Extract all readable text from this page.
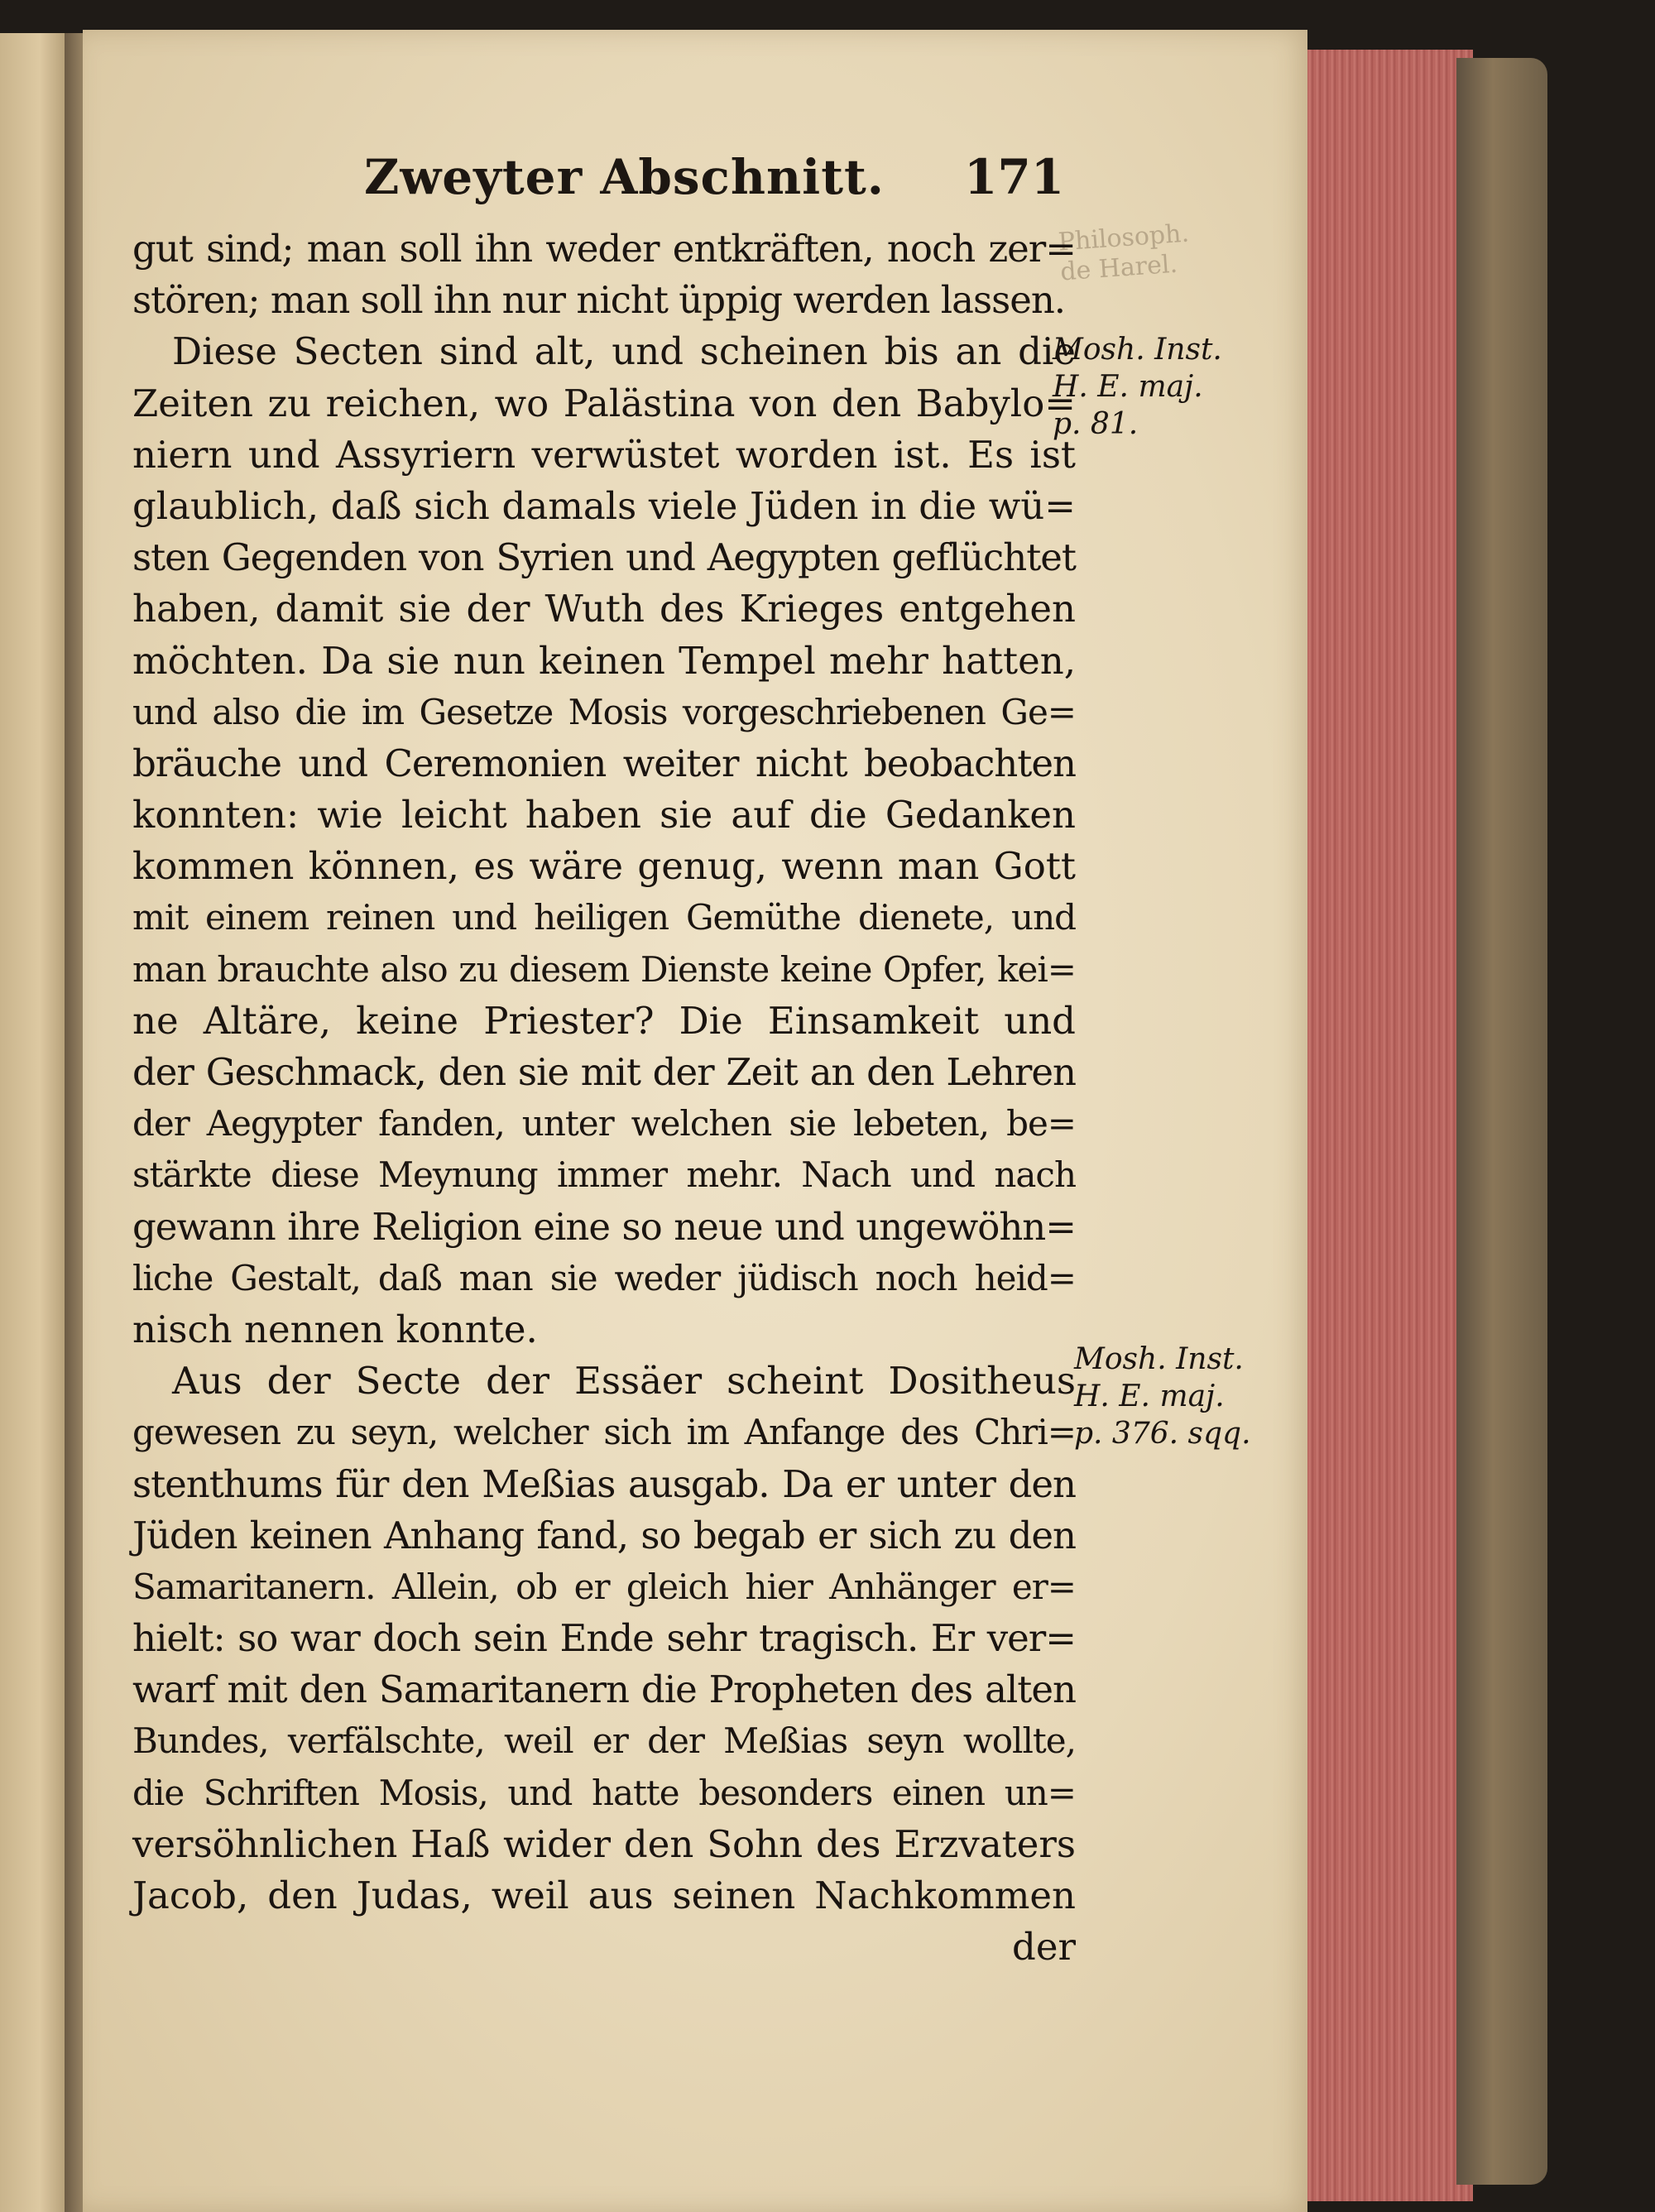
Zweyter Abschnitt. 171
Philosoph.
de Harel.
gut sind; man soll ihn weder entkräften, noch zer=
stören; man soll ihn nur nicht üppig werden lassen.
Diese Secten sind alt, und scheinen bis an die
Zeiten zu reichen, wo Palästina von den Babylo=
niern und Assyriern verwüstet worden ist. Es ist
glaublich, daß sich damals viele Jüden in die wü=
sten Gegenden von Syrien und Aegypten geflüchtet
haben, damit sie der Wuth des Krieges entgehen
möchten. Da sie nun keinen Tempel mehr hatten,
und also die im Gesetze Mosis vorgeschriebenen Ge=
bräuche und Ceremonien weiter nicht beobachten
konnten: wie leicht haben sie auf die Gedanken
kommen können, es wäre genug, wenn man Gott
mit einem reinen und heiligen Gemüthe dienete, und
man brauchte also zu diesem Dienste keine Opfer, kei=
ne Altäre, keine Priester? Die Einsamkeit und
der Geschmack, den sie mit der Zeit an den Lehren
der Aegypter fanden, unter welchen sie lebeten, be=
stärkte diese Meynung immer mehr. Nach und nach
gewann ihre Religion eine so neue und ungewöhn=
liche Gestalt, daß man sie weder jüdisch noch heid=
nisch nennen konnte.
Aus der Secte der Essäer scheint Dositheus
gewesen zu seyn, welcher sich im Anfange des Chri=
stenthums für den Meßias ausgab. Da er unter den
Jüden keinen Anhang fand, so begab er sich zu den
Samaritanern. Allein, ob er gleich hier Anhänger er=
hielt: so war doch sein Ende sehr tragisch. Er ver=
warf mit den Samaritanern die Propheten des alten
Bundes, verfälschte, weil er der Meßias seyn wollte,
die Schriften Mosis, und hatte besonders einen un=
versöhnlichen Haß wider den Sohn des Erzvaters
Jacob, den Judas, weil aus seinen Nachkommen
der
Mosh. Inst.
H. E. maj.
p. 81.
Mosh. Inst.
H. E. maj.
p. 376. sqq.
